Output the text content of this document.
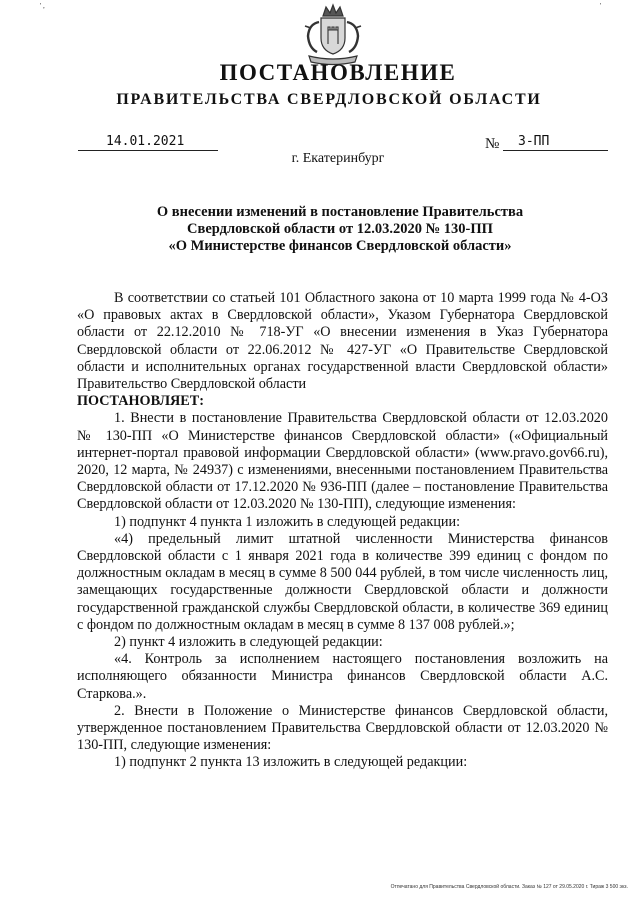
ПОСТАНОВЛЕНИЕ
ПРАВИТЕЛЬСТВА СВЕРДЛОВСКОЙ ОБЛАСТИ
14.01.2021	№	3-ПП
г. Екатеринбург
О внесении изменений в постановление Правительства
Свердловской области от 12.03.2020 № 130-ПП
«О Министерстве финансов Свердловской области»

В соответствии со статьей 101 Областного закона от 10 марта 1999 года № 4-ОЗ «О правовых актах в Свердловской области», Указом Губернатора Свердловской области от 22.12.2010 № 718-УГ «О внесении изменения в Указ Губернатора Свердловской области от 22.06.2012 № 427-УГ «О Правительстве Свердловской области и исполнительных органах государственной власти Свердловской области» Правительство Свердловской области

ПОСТАНОВЛЯЕТ:

1. Внести в постановление Правительства Свердловской области от 12.03.2020 № 130-ПП «О Министерстве финансов Свердловской области» («Официальный интернет-портал правовой информации Свердловской области» (www.pravo.gov66.ru), 2020, 12 марта, № 24937) с изменениями, внесенными постановлением Правительства Свердловской области от 17.12.2020 № 936-ПП (далее – постановление Правительства Свердловской области от 12.03.2020 № 130-ПП), следующие изменения:

1) подпункт 4 пункта 1 изложить в следующей редакции:

«4) предельный лимит штатной численности Министерства финансов Свердловской области с 1 января 2021 года в количестве 399 единиц с фондом по должностным окладам в месяц в сумме 8 500 044 рублей, в том числе численность лиц, замещающих государственные должности Свердловской области и должности государственной гражданской службы Свердловской области, в количестве 369 единиц с фондом по должностным окладам в месяц в сумме 8 137 008 рублей.»;

2) пункт 4 изложить в следующей редакции:

«4. Контроль за исполнением настоящего постановления возложить на исполняющего обязанности Министра финансов Свердловской области А.С. Старкова.».

2. Внести в Положение о Министерстве финансов Свердловской области, утвержденное постановлением Правительства Свердловской области от 12.03.2020 № 130-ПП, следующие изменения:

1) подпункт 2 пункта 13 изложить в следующей редакции:

Отпечатано для Правительства Свердловской области. Заказ № 127 от 29.05.2020 г. Тираж 3 500 экз.
' ,	'
